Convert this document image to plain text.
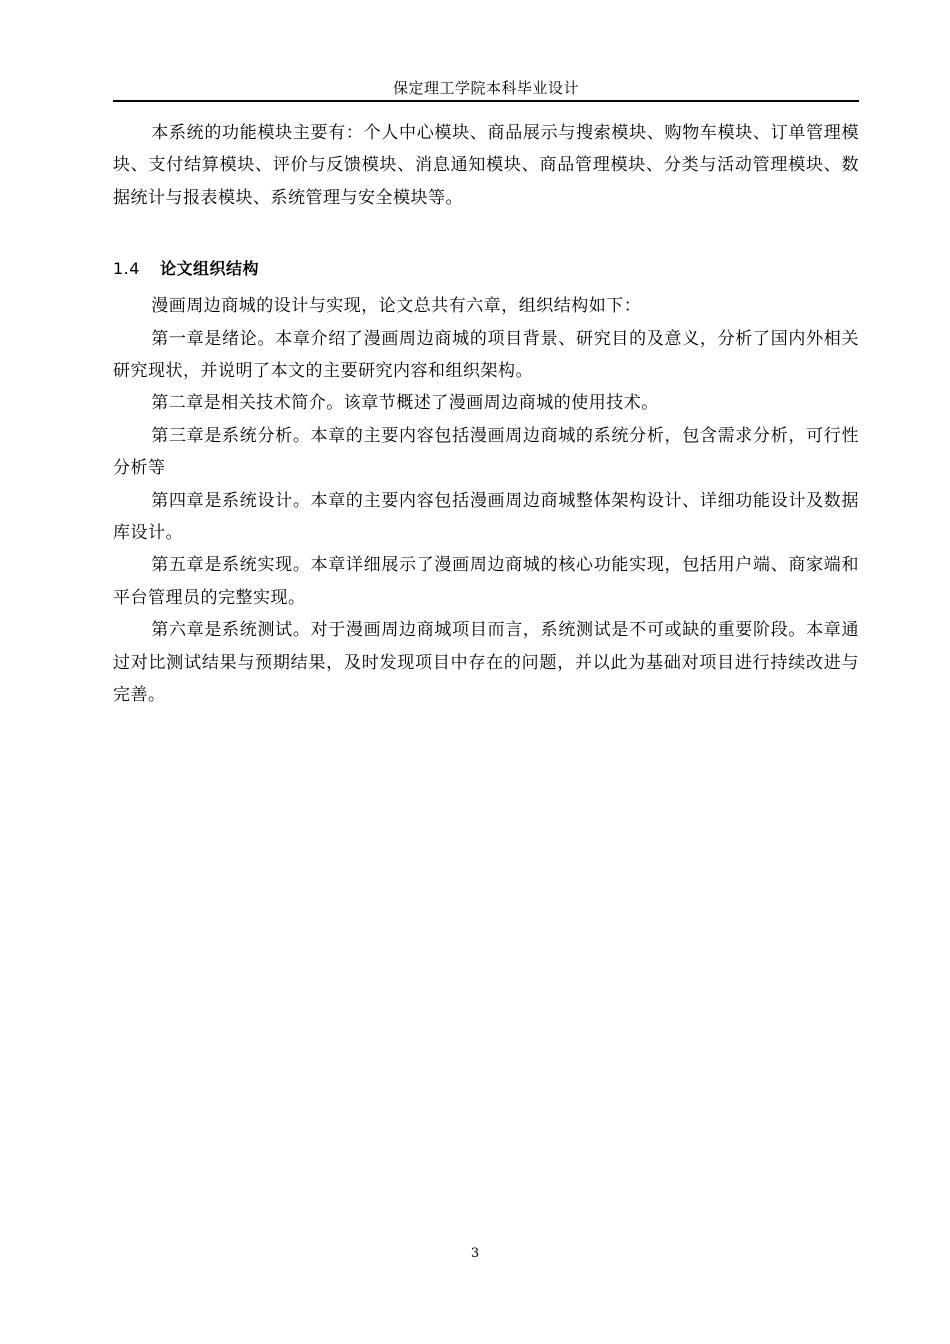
保定理工学院本科毕业设计

本系统的功能模块主要有：个人中心模块、商品展示与搜索模块、购物车模块、订单管理模块、支付结算模块、评价与反馈模块、消息通知模块、商品管理模块、分类与活动管理模块、数据统计与报表模块、系统管理与安全模块等。

1.4 论文组织结构

漫画周边商城的设计与实现，论文总共有六章，组织结构如下：

第一章是绪论。本章介绍了漫画周边商城的项目背景、研究目的及意义，分析了国内外相关研究现状，并说明了本文的主要研究内容和组织架构。

第二章是相关技术简介。该章节概述了漫画周边商城的使用技术。

第三章是系统分析。本章的主要内容包括漫画周边商城的系统分析，包含需求分析，可行性分析等

第四章是系统设计。本章的主要内容包括漫画周边商城整体架构设计、详细功能设计及数据库设计。

第五章是系统实现。本章详细展示了漫画周边商城的核心功能实现，包括用户端、商家端和平台管理员的完整实现。

第六章是系统测试。对于漫画周边商城项目而言，系统测试是不可或缺的重要阶段。本章通过对比测试结果与预期结果，及时发现项目中存在的问题，并以此为基础对项目进行持续改进与完善。

3
